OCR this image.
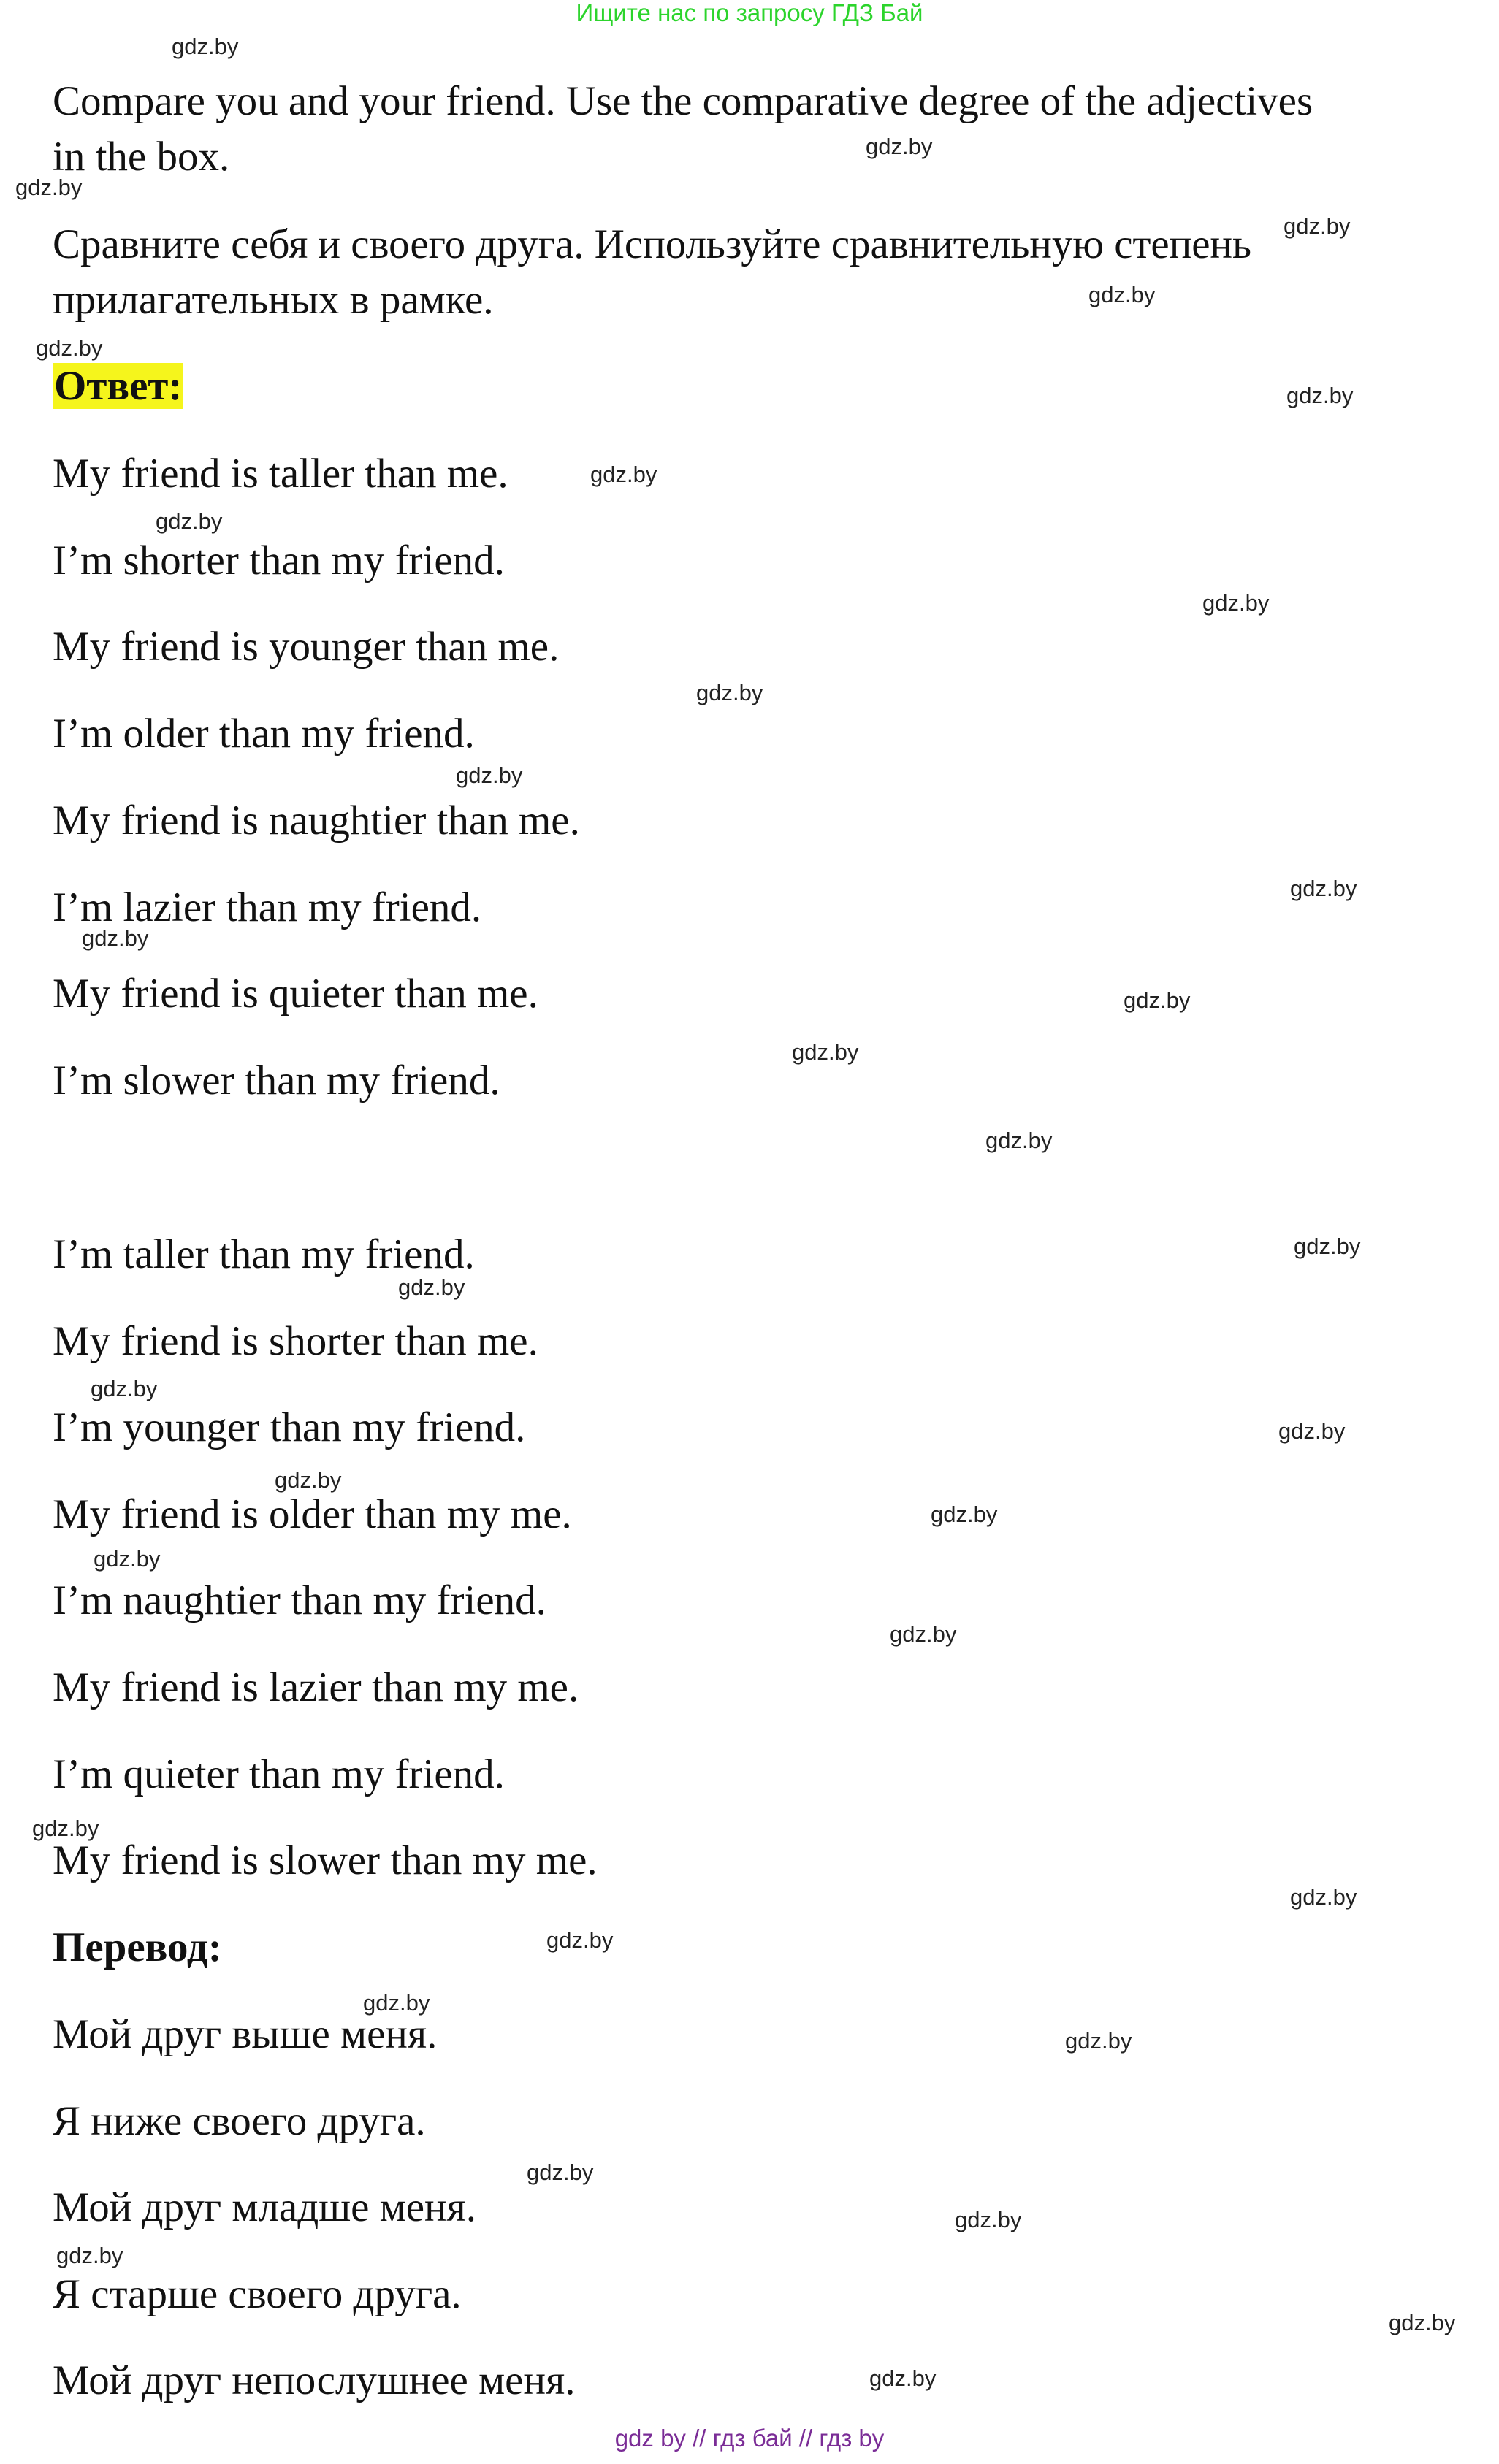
Ищите нас по запросу ГДЗ Бай

Compare you and your friend. Use the comparative degree of the adjectives

in the box.

Сравните себя и своего друга. Используйте сравнительную степень

прилагательных в рамке.

Ответ:

My friend is taller than me.

I’m shorter than my friend.

My friend is younger than me.

I’m older than my friend.

My friend is naughtier than me.

I’m lazier than my friend.

My friend is quieter than me.

I’m slower than my friend.

I’m taller than my friend.

My friend is shorter than me.

I’m younger than my friend.

My friend is older than my me.

I’m naughtier than my friend.

My friend is lazier than my me.

I’m quieter than my friend.

My friend is slower than my me.

Перевод:

Мой друг выше меня.

Я ниже своего друга.

Мой друг младше меня.

Я старше своего друга.

Мой друг непослушнее меня.

gdz.by

gdz.by

gdz.by

gdz.by

gdz.by

gdz.by

gdz.by

gdz.by

gdz.by

gdz.by

gdz.by

gdz.by

gdz.by

gdz.by

gdz.by

gdz.by

gdz.by

gdz.by

gdz.by

gdz.by

gdz.by

gdz.by

gdz.by

gdz.by

gdz.by

gdz.by

gdz.by

gdz.by

gdz.by

gdz.by

gdz.by

gdz.by

gdz.by

gdz.by

gdz.by

gdz by // гдз бай // гдз by
